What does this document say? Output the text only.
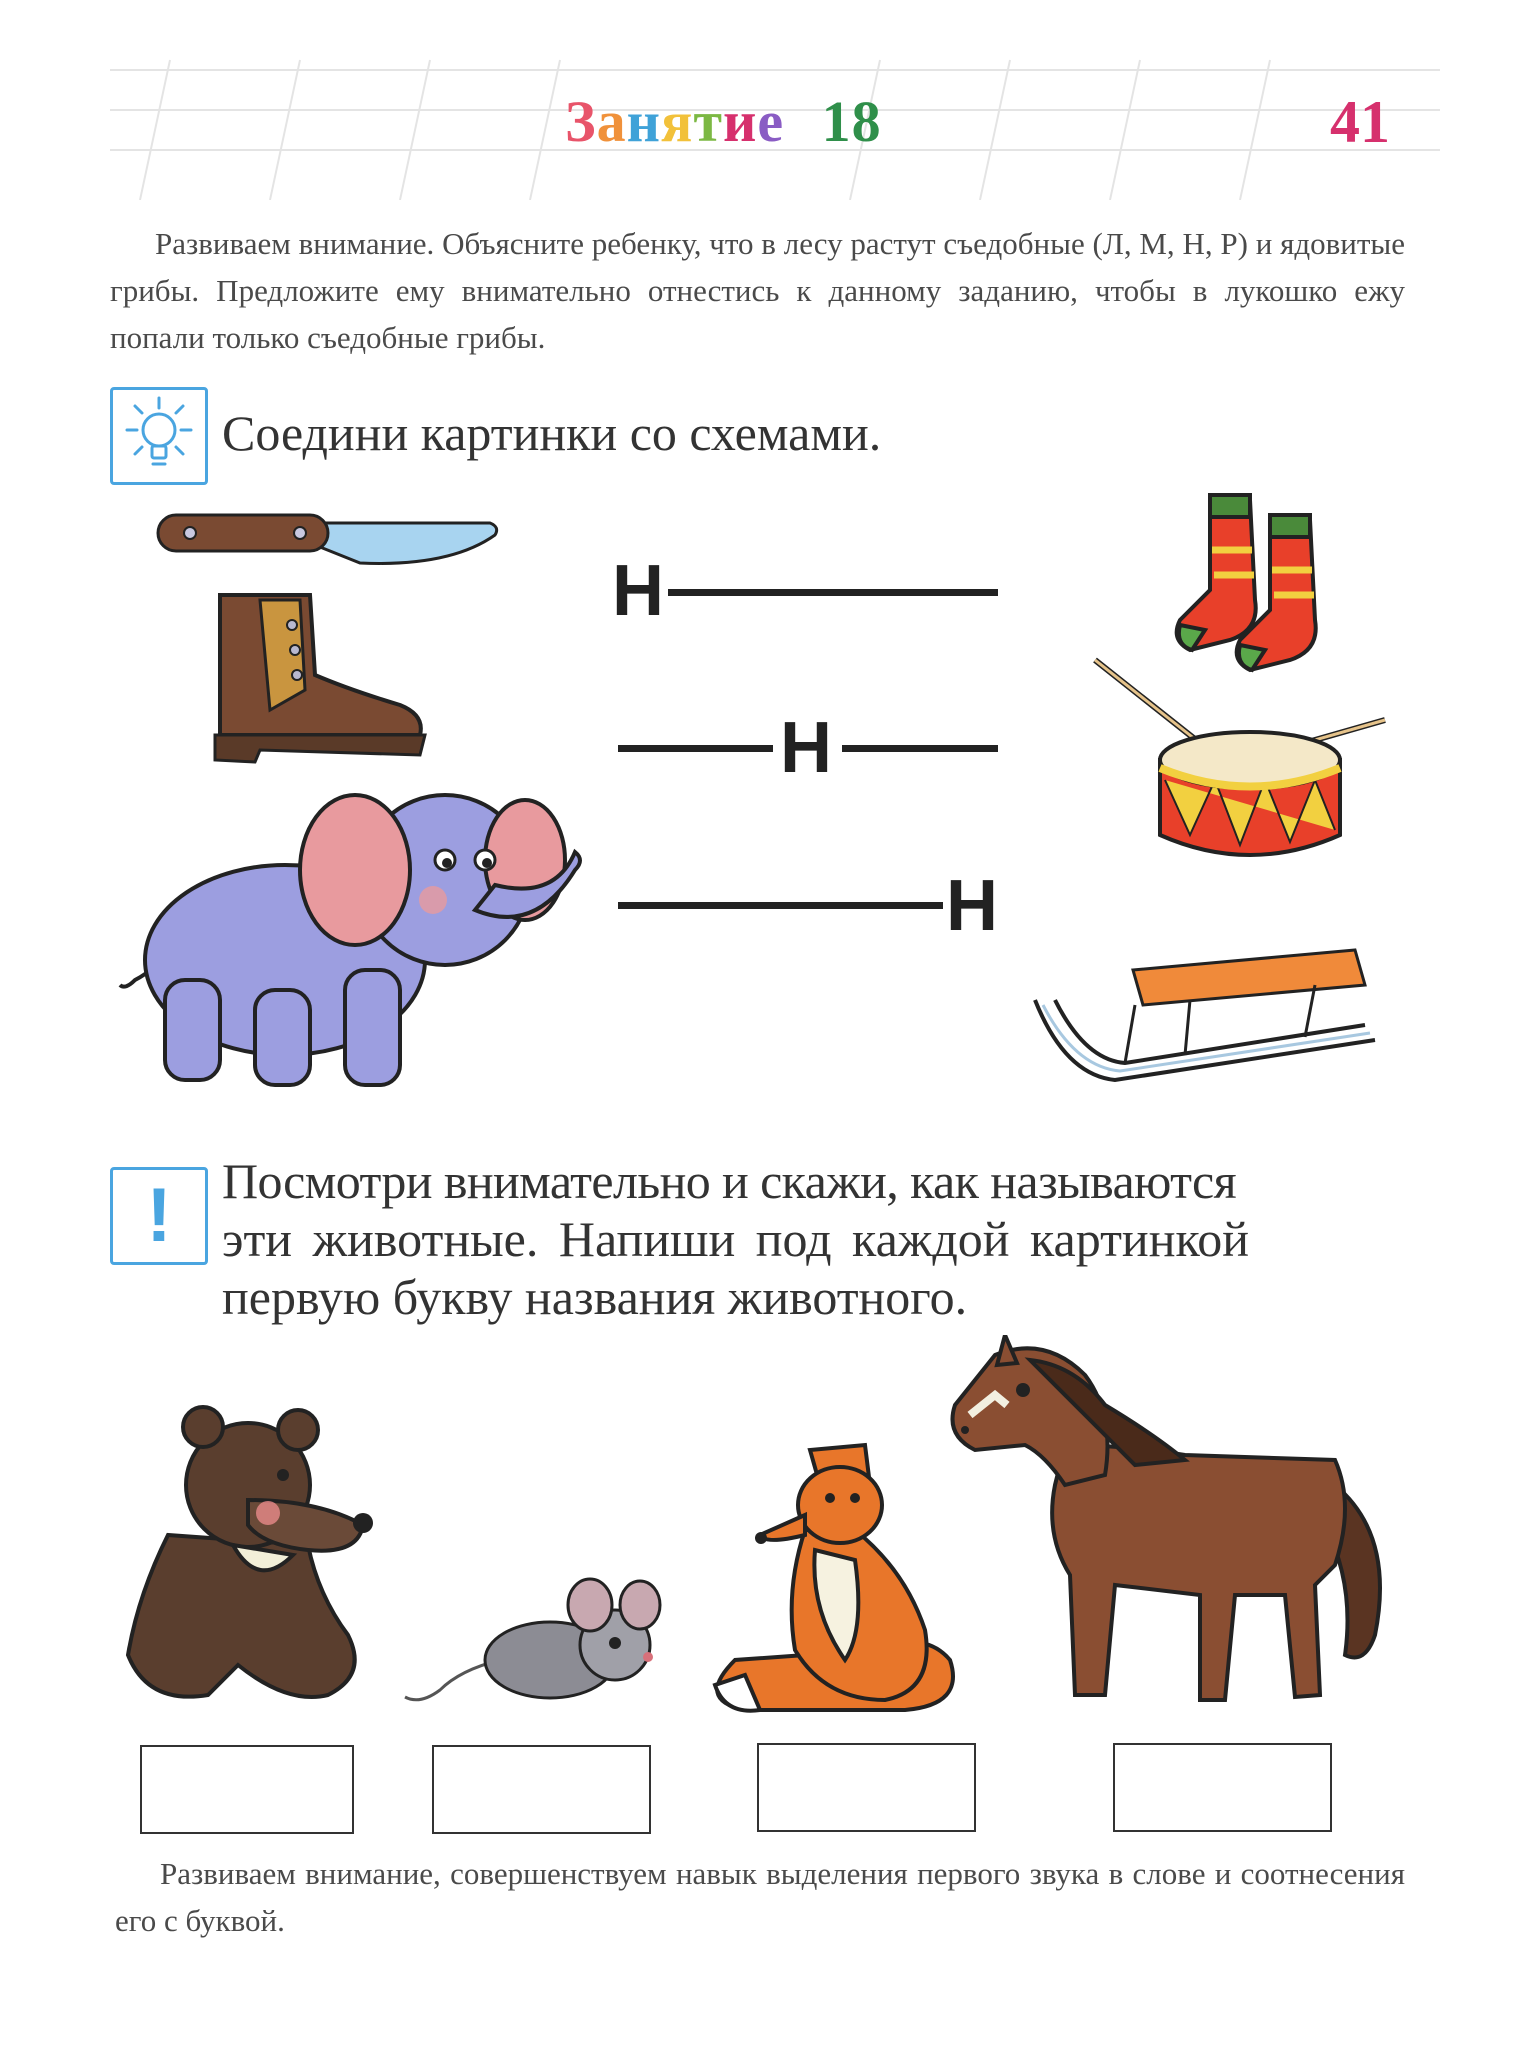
Занятие 18	41
Развиваем внимание. Объясните ребенку, что в лесу растут съедобные (Л, М, Н, Р) и ядовитые грибы. Предложите ему внимательно отнестись к данному заданию, чтобы в лукошко ежу попали только съедобные грибы.
Соедини картинки со схемами.
Н
Н
Н
! Посмотри внимательно и скажи, как называются
эти животные. Напиши под каждой картинкой
первую букву названия животного.
Развиваем внимание, совершенствуем навык выделения первого звука в слове и соотнесения его с буквой.
